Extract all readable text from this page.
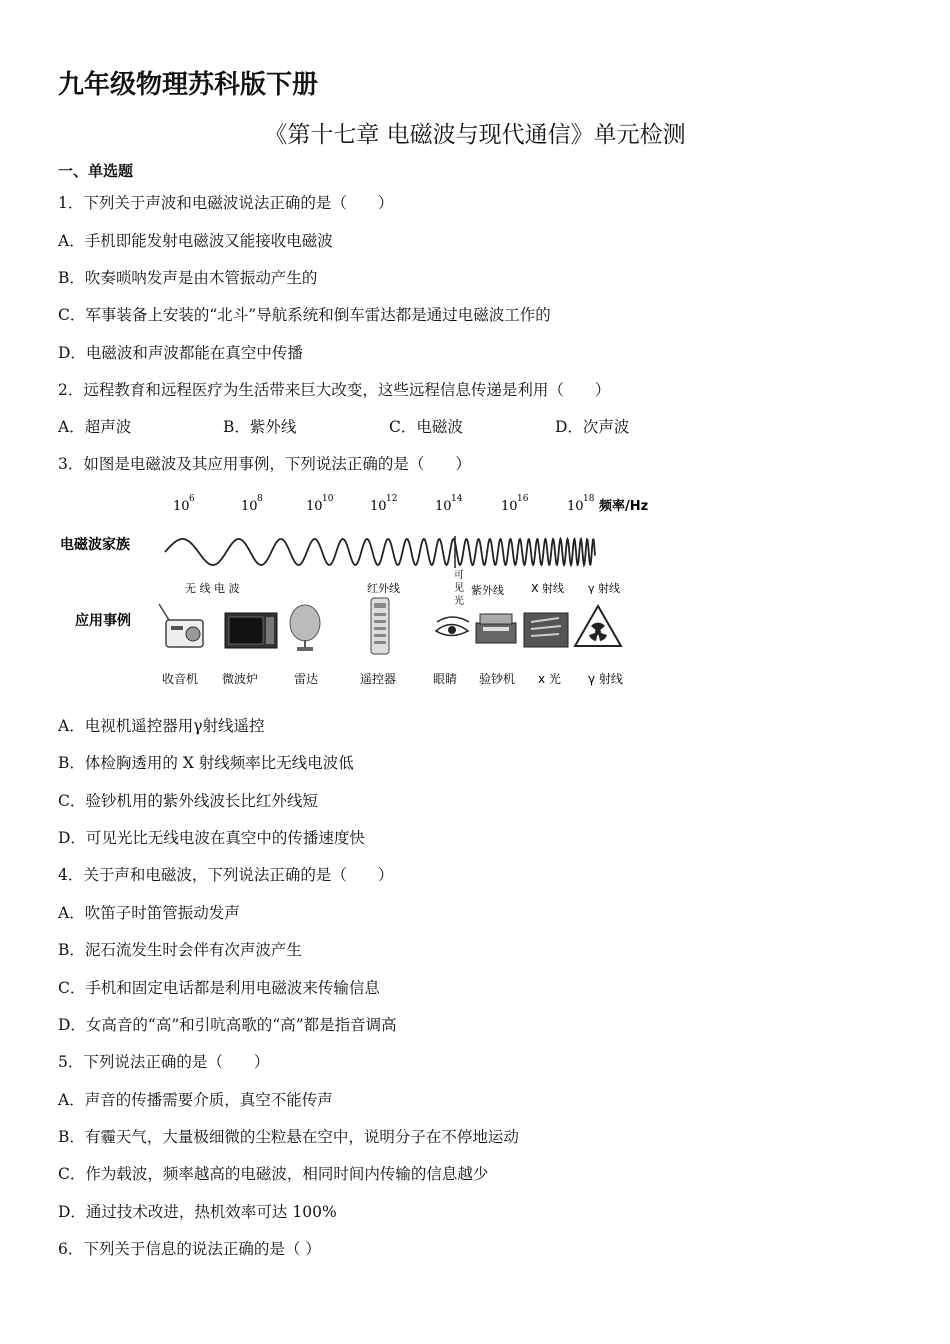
九年级物理苏科版下册
《第十七章 电磁波与现代通信》单元检测
一、单选题
1．下列关于声波和电磁波说法正确的是（　　）
A．手机即能发射电磁波又能接收电磁波
B．吹奏唢呐发声是由木管振动产生的
C．军事装备上安装的“北斗”导航系统和倒车雷达都是通过电磁波工作的
D．电磁波和声波都能在真空中传播
2．远程教育和远程医疗为生活带来巨大改变，这些远程信息传递是利用（　　）
A．超声波	B．紫外线	C．电磁波	D．次声波
3．如图是电磁波及其应用事例，下列说法正确的是（　　）
电磁波家族
应用事例
10 6	10 8	10 10	10 12	10 14	10 16	10 18 频率/Hz
无 线 电 波	红外线
可
见
光
紫外线 X 射线 γ 射线
收音机 微波炉	雷达	遥控器	眼睛 验钞机 x 光 γ 射线
A．电视机遥控器用γ射线遥控
B．体检胸透用的 X 射线频率比无线电波低
C．验钞机用的紫外线波长比红外线短
D．可见光比无线电波在真空中的传播速度快
4．关于声和电磁波，下列说法正确的是（　　）
A．吹笛子时笛管振动发声
B．泥石流发生时会伴有次声波产生
C．手机和固定电话都是利用电磁波来传输信息
D．女高音的“高”和引吭高歌的“高”都是指音调高
5．下列说法正确的是（　　）
A．声音的传播需要介质，真空不能传声
B．有霾天气，大量极细微的尘粒悬在空中，说明分子在不停地运动
C．作为载波，频率越高的电磁波，相同时间内传输的信息越少
D．通过技术改进，热机效率可达 100%
6．下列关于信息的说法正确的是（ ）
